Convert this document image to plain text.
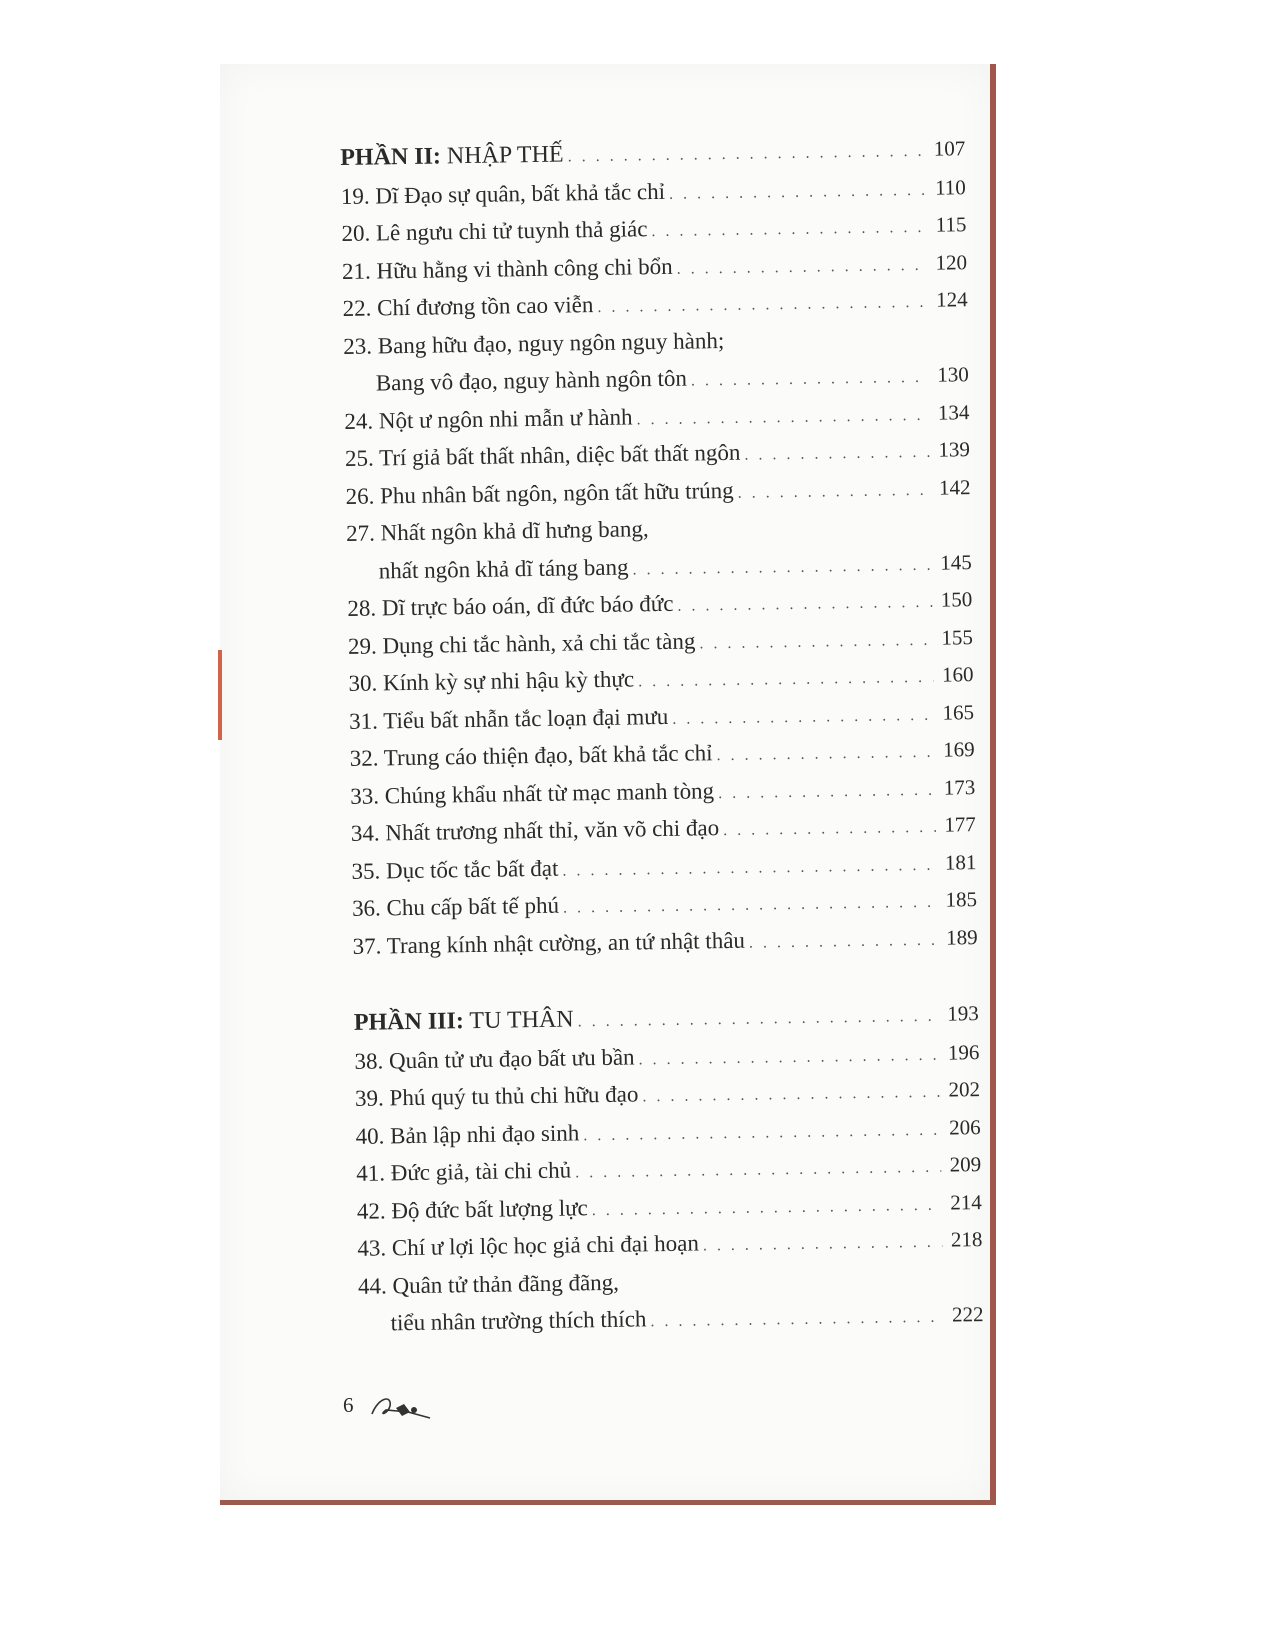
PHẦN II: NHẬP THẾ . . .	107
19. Dĩ Đạo sự quân, bất khả tắc chỉ . . .	110
20. Lê ngưu chi tử tuynh thả giác . . .	115
21. Hữu hằng vi thành công chi bổn . . .	120
22. Chí đương tồn cao viễn . . .	124
23. Bang hữu đạo, nguy ngôn nguy hành;
Bang vô đạo, nguy hành ngôn tôn . . .	130
24. Nột ư ngôn nhi mẫn ư hành . . .	134
25. Trí giả bất thất nhân, diệc bất thất ngôn . . .	139
26. Phu nhân bất ngôn, ngôn tất hữu trúng . . .	142
27. Nhất ngôn khả dĩ hưng bang,
nhất ngôn khả dĩ táng bang . . .	145
28. Dĩ trực báo oán, dĩ đức báo đức . . .	150
29. Dụng chi tắc hành, xả chi tắc tàng . . .	155
30. Kính kỳ sự nhi hậu kỳ thực . . .	160
31. Tiểu bất nhẫn tắc loạn đại mưu . . .	165
32. Trung cáo thiện đạo, bất khả tắc chỉ . . .	169
33. Chúng khẩu nhất từ mạc manh tòng . . .	173
34. Nhất trương nhất thỉ, văn võ chi đạo . . .	177
35. Dục tốc tắc bất đạt . . .	181
36. Chu cấp bất tế phú . . .	185
37. Trang kính nhật cường, an tứ nhật thâu . . .	189
PHẦN III: TU THÂN . . .	193
38. Quân tử ưu đạo bất ưu bần . . .	196
39. Phú quý tu thủ chi hữu đạo . . .	202
40. Bản lập nhi đạo sinh . . .	206
41. Đức giả, tài chi chủ . . .	209
42. Độ đức bất lượng lực . . .	214
43. Chí ư lợi lộc học giả chi đại hoạn . . .	218
44. Quân tử thản đãng đãng,
tiểu nhân trường thích thích . . .	222
6
